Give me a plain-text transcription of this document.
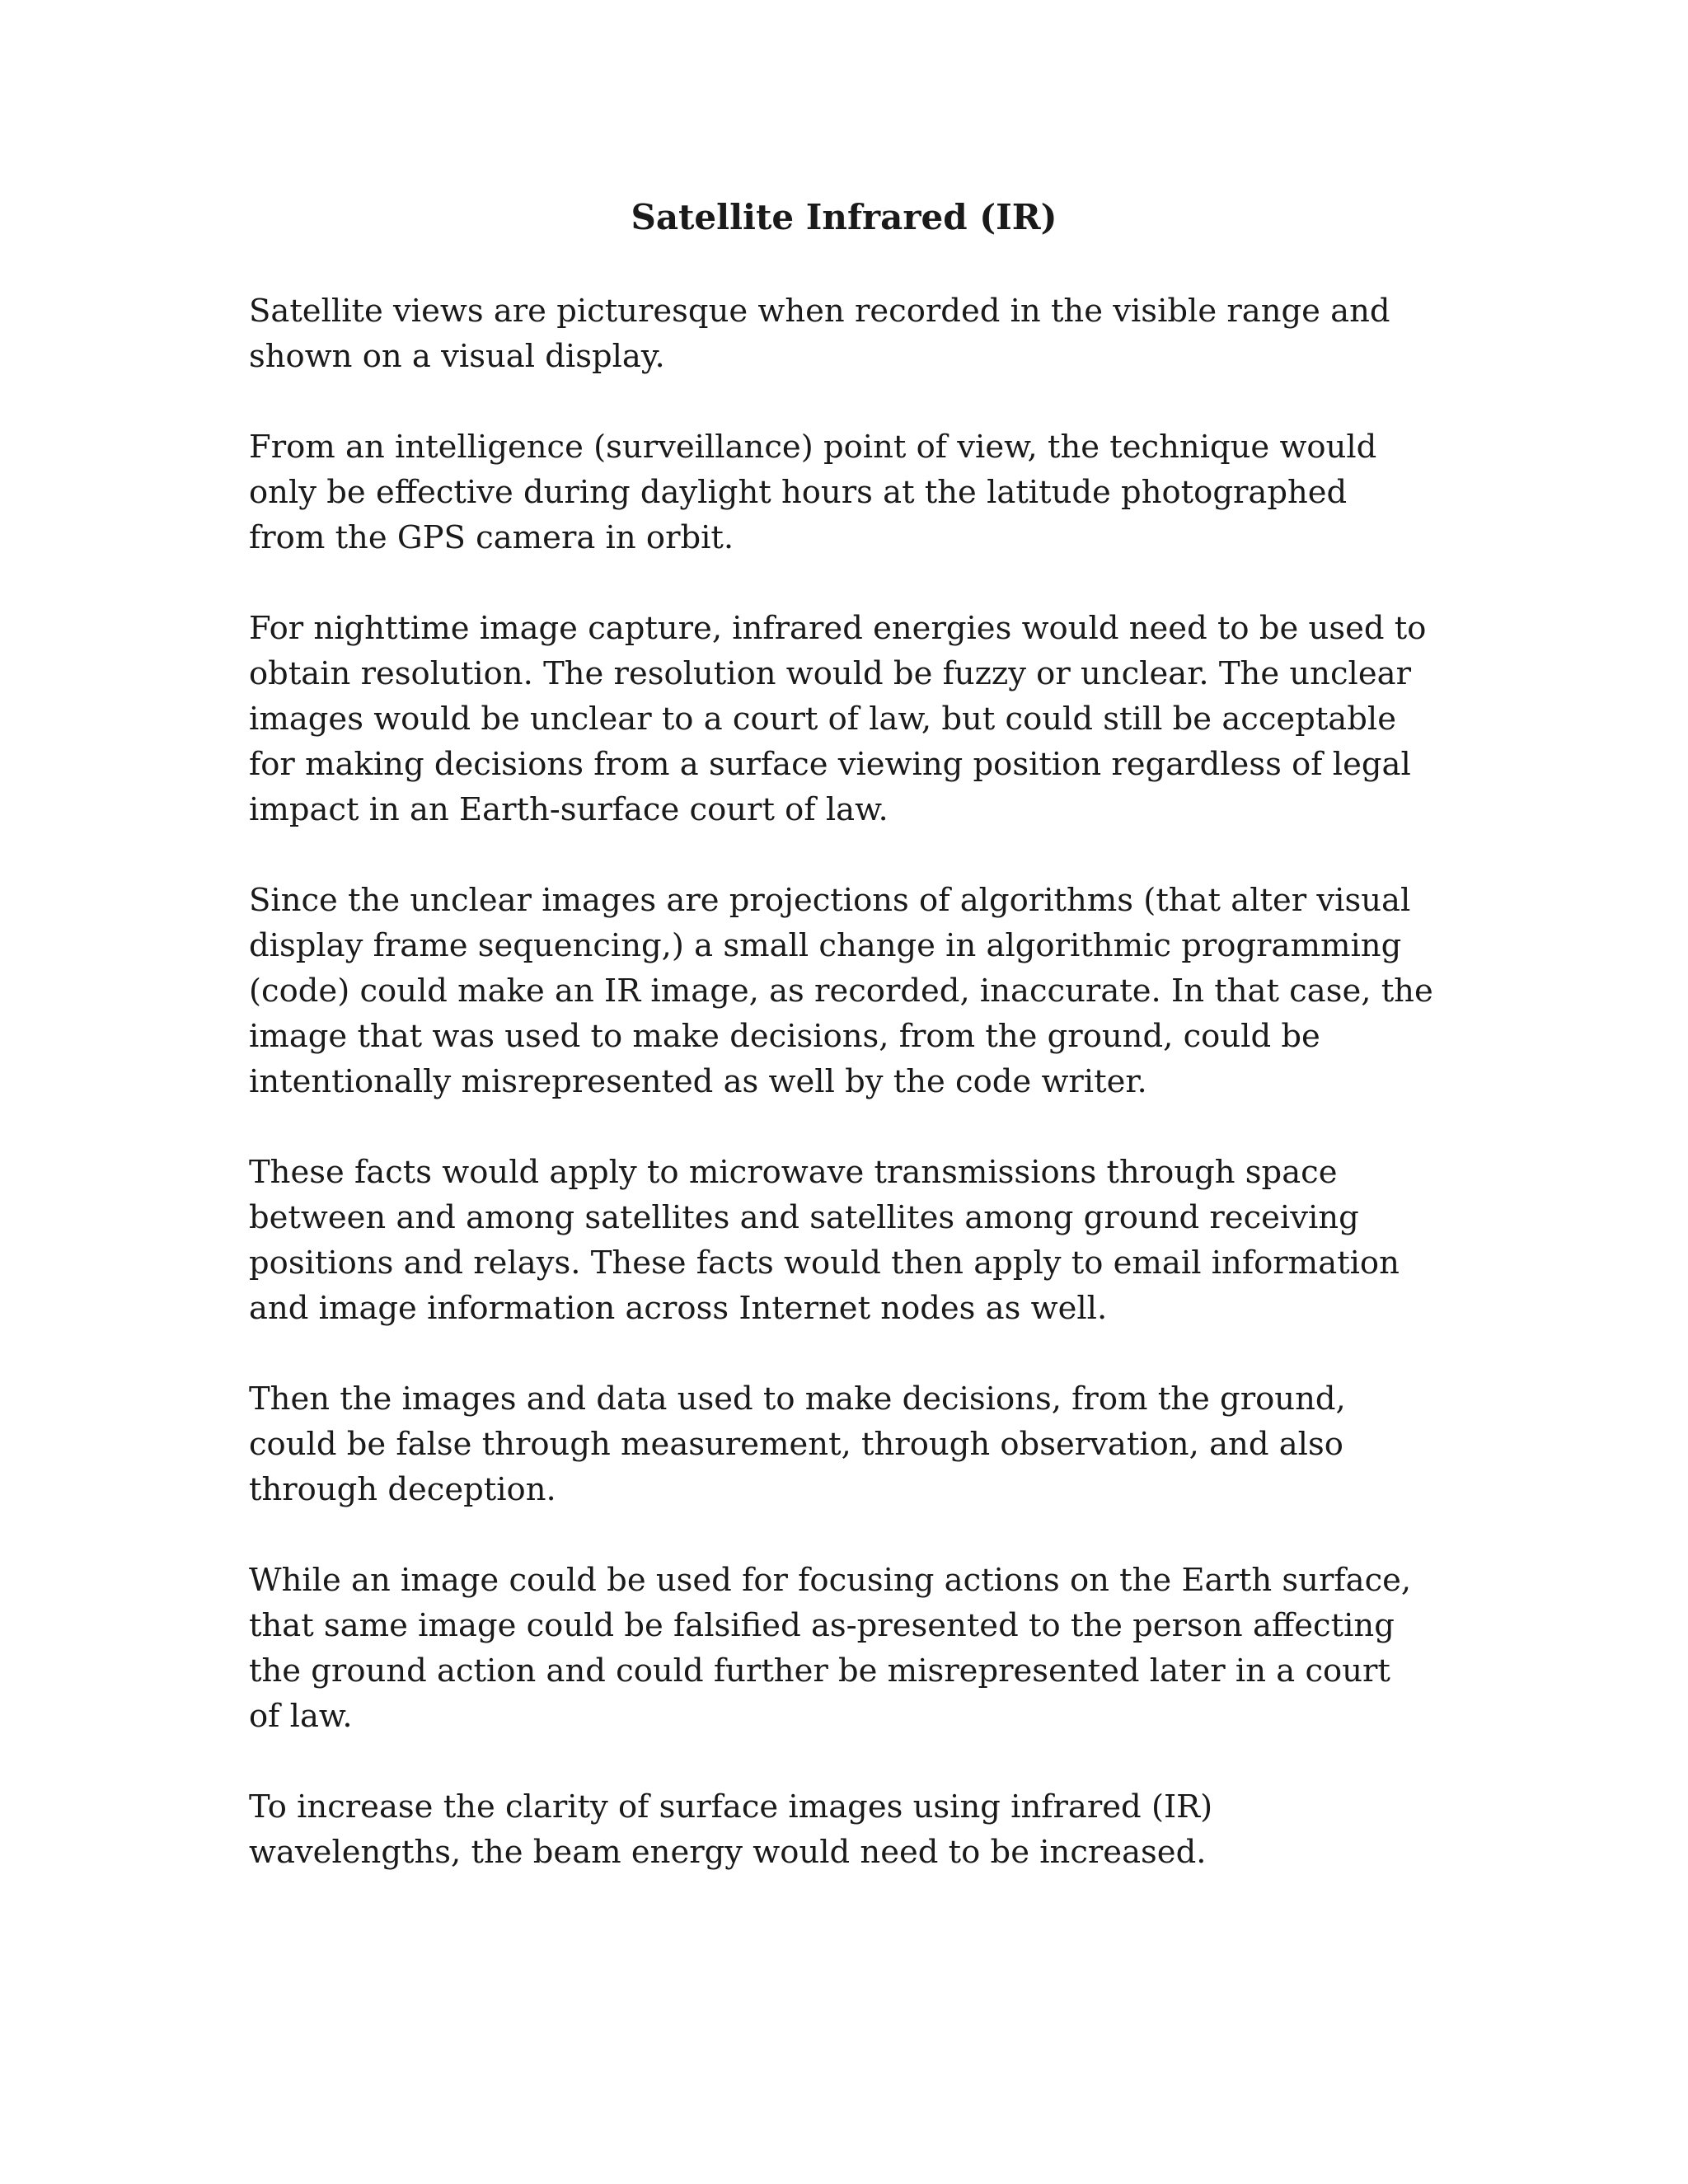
Satellite Infrared (IR)

Satellite views are picturesque when recorded in the visible range and
shown on a visual display.

From an intelligence (surveillance) point of view, the technique would
only be effective during daylight hours at the latitude photographed
from the GPS camera in orbit.

For nighttime image capture, infrared energies would need to be used to
obtain resolution. The resolution would be fuzzy or unclear. The unclear
images would be unclear to a court of law, but could still be acceptable
for making decisions from a surface viewing position regardless of legal
impact in an Earth-surface court of law.

Since the unclear images are projections of algorithms (that alter visual
display frame sequencing,) a small change in algorithmic programming
(code) could make an IR image, as recorded, inaccurate. In that case, the
image that was used to make decisions, from the ground, could be
intentionally misrepresented as well by the code writer.

These facts would apply to microwave transmissions through space
between and among satellites and satellites among ground receiving
positions and relays. These facts would then apply to email information
and image information across Internet nodes as well.

Then the images and data used to make decisions, from the ground,
could be false through measurement, through observation, and also
through deception.

While an image could be used for focusing actions on the Earth surface,
that same image could be falsified as-presented to the person affecting
the ground action and could further be misrepresented later in a court
of law.

To increase the clarity of surface images using infrared (IR)
wavelengths, the beam energy would need to be increased.
